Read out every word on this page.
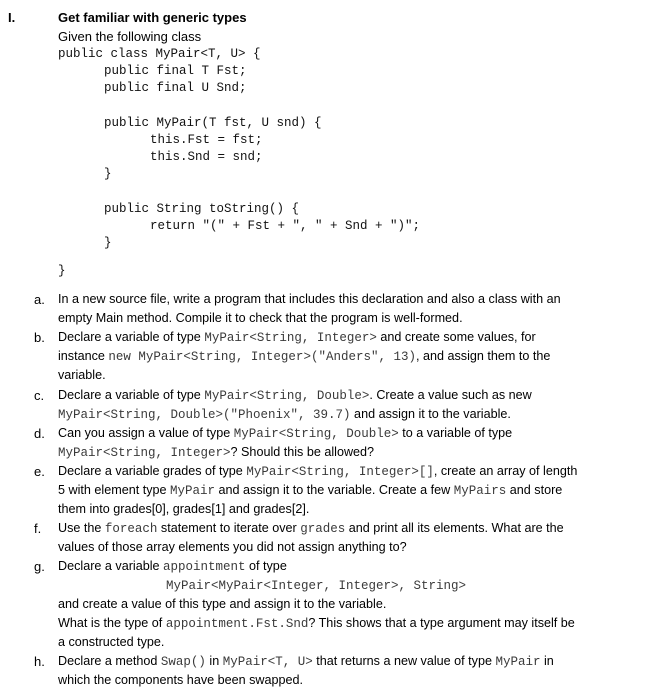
I.	Get familiar with generic types
Given the following class
public class MyPair<T, U> {
public final T Fst;
public final U Snd;
public MyPair(T fst, U snd) {
this.Fst = fst;
this.Snd = snd;
}
public String toString() {
return "(" + Fst + ", " + Snd + ")";
}
}
a. In a new source file, write a program that includes this declaration and also a class with an
empty Main method. Compile it to check that the program is well-formed.
b. Declare a variable of type MyPair<String, Integer> and create some values, for
instance new MyPair<String, Integer>("Anders", 13), and assign them to the
variable.
c. Declare a variable of type MyPair<String, Double>. Create a value such as new
MyPair<String, Double>("Phoenix", 39.7) and assign it to the variable.
d. Can you assign a value of type MyPair<String, Double> to a variable of type
MyPair<String, Integer>? Should this be allowed?
e. Declare a variable grades of type MyPair<String, Integer>[], create an array of length
5 with element type MyPair and assign it to the variable. Create a few MyPairs and store
them into grades[0], grades[1] and grades[2].
f. Use the foreach statement to iterate over grades and print all its elements. What are the
values of those array elements you did not assign anything to?
g. Declare a variable appointment of type
MyPair<MyPair<Integer, Integer>, String>
and create a value of this type and assign it to the variable.
What is the type of appointment.Fst.Snd? This shows that a type argument may itself be
a constructed type.
h. Declare a method Swap() in MyPair<T, U> that returns a new value of type MyPair in
which the components have been swapped.
